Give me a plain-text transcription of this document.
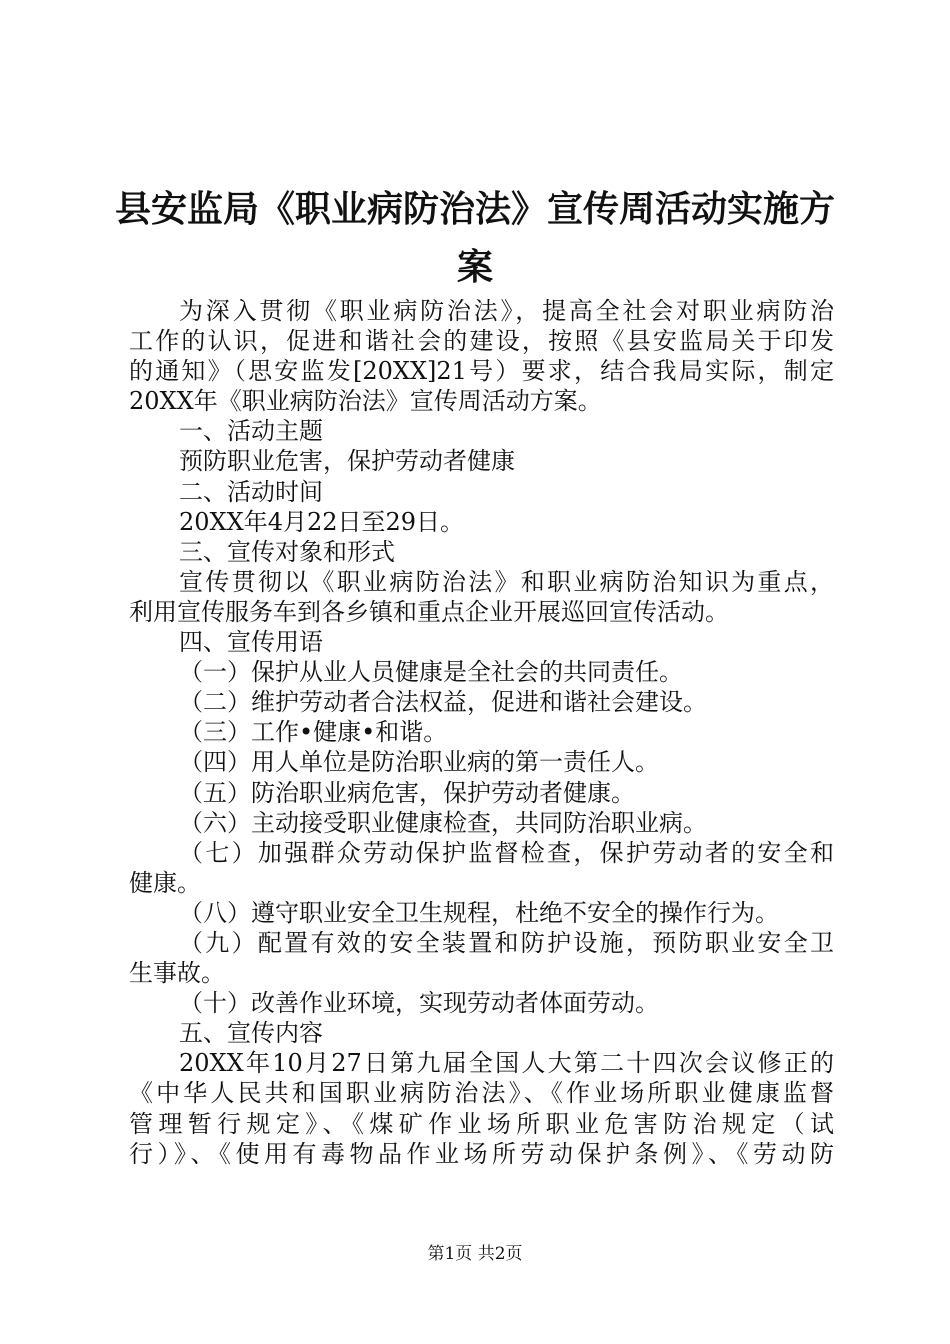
县安监局《职业病防治法》宣传周活动实施方
案
为深入贯彻《职业病防治法》，提高全社会对职业病防治
工作的认识，促进和谐社会的建设，按照《县安监局关于印发
的通知》（思安监发[20XX]21号）要求，结合我局实际，制定
20XX年《职业病防治法》宣传周活动方案。
一、活动主题
预防职业危害，保护劳动者健康
二、活动时间
20XX年4月22日至29日。
三、宣传对象和形式
宣传贯彻以《职业病防治法》和职业病防治知识为重点，
利用宣传服务车到各乡镇和重点企业开展巡回宣传活动。
四、宣传用语
（一）保护从业人员健康是全社会的共同责任。
（二）维护劳动者合法权益，促进和谐社会建设。
（三）工作•健康•和谐。
（四）用人单位是防治职业病的第一责任人。
（五）防治职业病危害，保护劳动者健康。
（六）主动接受职业健康检查，共同防治职业病。
（七）加强群众劳动保护监督检查，保护劳动者的安全和
健康。
（八）遵守职业安全卫生规程，杜绝不安全的操作行为。
（九）配置有效的安全装置和防护设施，预防职业安全卫
生事故。
（十）改善作业环境，实现劳动者体面劳动。
五、宣传内容
20XX年10月27日第九届全国人大第二十四次会议修正的
《中华人民共和国职业病防治法》、《作业场所职业健康监督
管理暂行规定》、《煤矿作业场所职业危害防治规定（试
行）》、《使用有毒物品作业场所劳动保护条例》、《劳动防
第1页 共2页
